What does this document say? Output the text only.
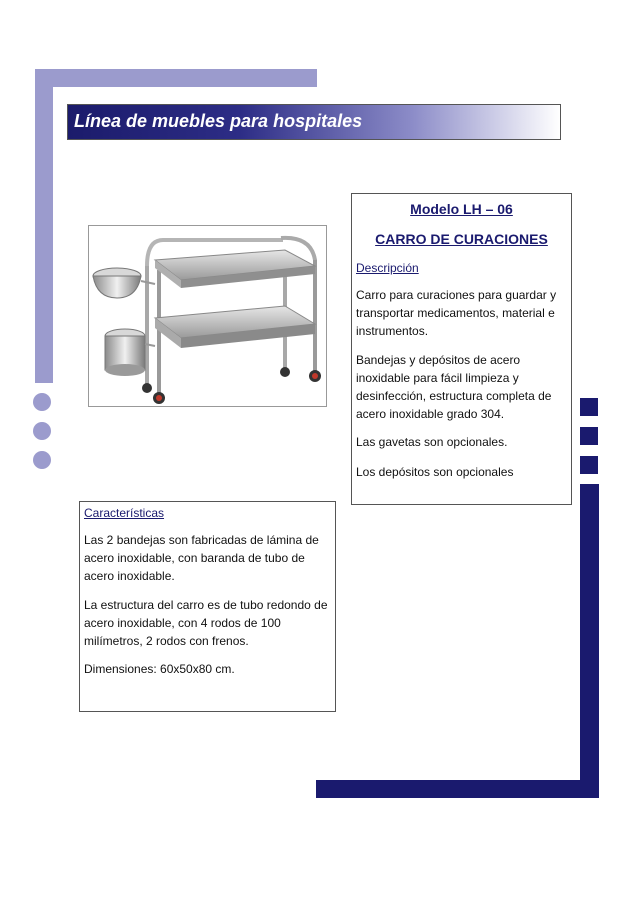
Línea de muebles para hospitales
Modelo LH – 06
CARRO DE CURACIONES
Descripción

Carro para curaciones para guardar y transportar medicamentos, material e instrumentos.

Bandejas y depósitos de acero inoxidable para fácil limpieza y desinfección, estructura completa de acero inoxidable grado 304.

Las gavetas son opcionales.

Los depósitos son opcionales

Características

Las 2 bandejas son fabricadas de lámina de acero inoxidable, con baranda de tubo de acero inoxidable.

La estructura del carro es de tubo redondo de acero inoxidable, con 4 rodos de 100 milímetros, 2 rodos con frenos.

Dimensiones: 60x50x80 cm.
